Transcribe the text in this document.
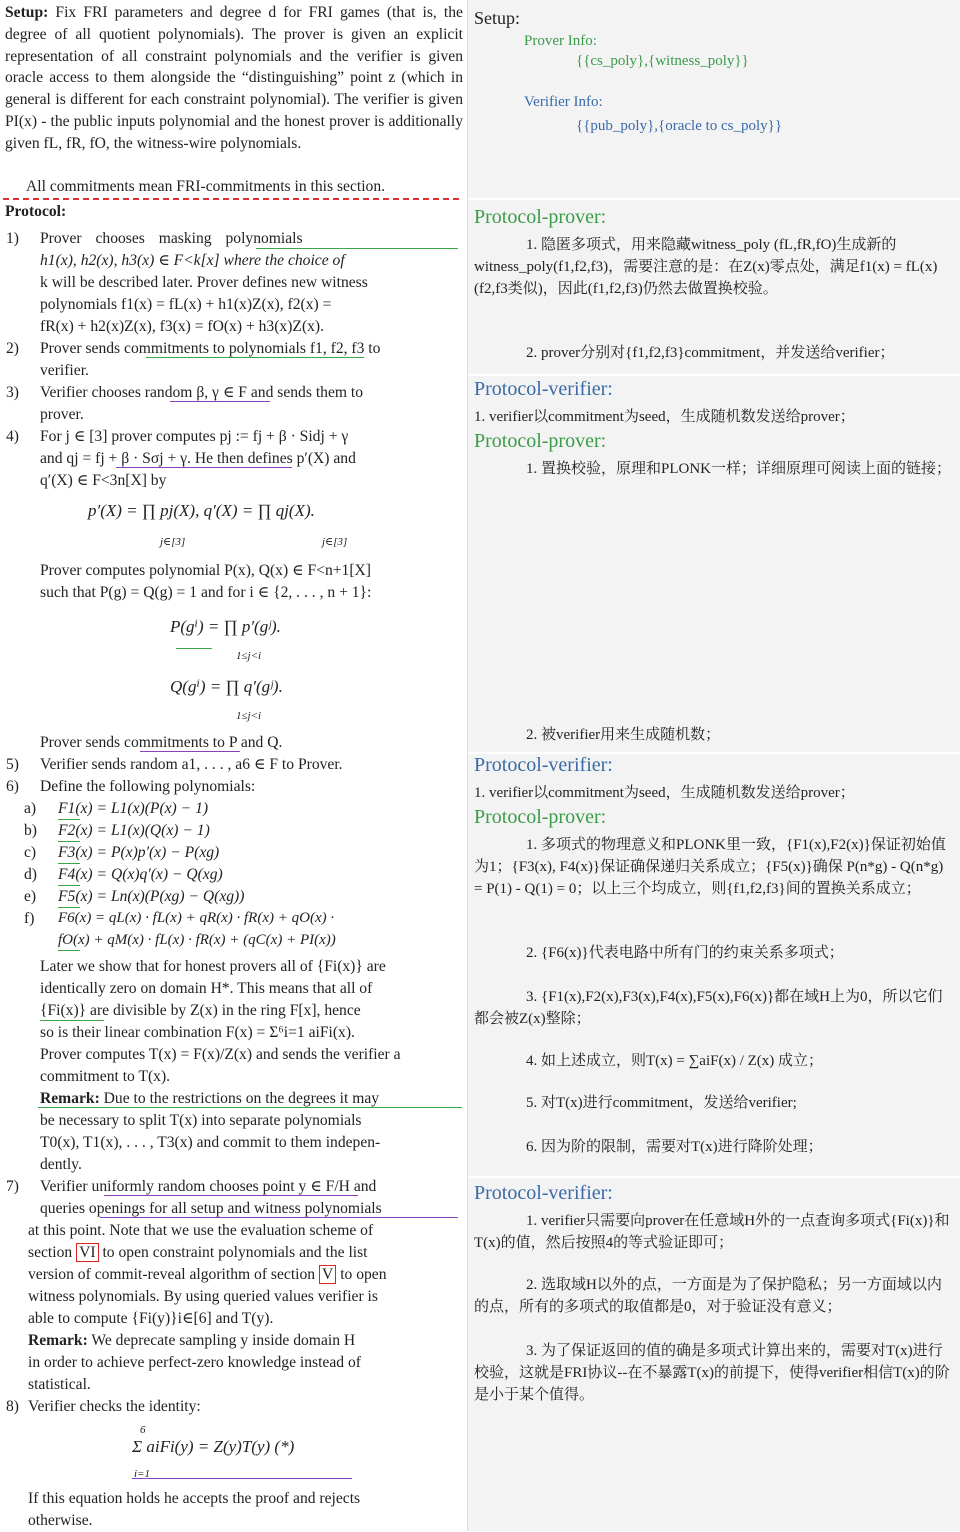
Setup: Fix FRI parameters and degree d for FRI games (that is, the degree of all quotient polynomials). The prover is given an explicit representation of all constraint polynomials and the verifier is given oracle access to them alongside the “distinguishing” point z (which in general is different for each constraint polynomial). The verifier is given PI(x) - the public inputs polynomial and the honest prover is additionally given fL, fR, fO, the witness-wire polynomials.

All commitments mean FRI-commitments in this section.
Protocol:
1)	Prover chooses masking polynomials
h1(x), h2(x), h3(x) ∈ F<k[x] where the choice of
k will be described later. Prover defines new witness
polynomials f1(x) = fL(x) + h1(x)Z(x), f2(x) =
fR(x) + h2(x)Z(x), f3(x) = fO(x) + h3(x)Z(x).
2)	Prover sends commitments to polynomials f1, f2, f3 to
verifier.
3)	Verifier chooses random β, γ ∈ F and sends them to
prover.
4)	For j ∈ [3] prover computes pj := fj + β · Sidj + γ
and qj = fj + β · Sσj + γ. He then defines p′(X) and
q′(X) ∈ F<3n[X] by
p′(X) = ∏ pj(X), q′(X) = ∏ qj(X).
j∈[3]	j∈[3]
Prover computes polynomial P(x), Q(x) ∈ F<n+1[X]
such that P(g) = Q(g) = 1 and for i ∈ {2, . . . , n + 1}:
P(gⁱ) = ∏ p′(gʲ).
1≤j<i
Q(gⁱ) = ∏ q′(gʲ).
1≤j<i
Prover sends commitments to P and Q.
5)	Verifier sends random a1, . . . , a6 ∈ F to Prover.
6)	Define the following polynomials:
a) F1(x) = L1(x)(P(x) − 1)
b) F2(x) = L1(x)(Q(x) − 1)
c) F3(x) = P(x)p′(x) − P(xg)
d) F4(x) = Q(x)q′(x) − Q(xg)
e) F5(x) = Ln(x)(P(xg) − Q(xg))
f) F6(x) = qL(x) · fL(x) + qR(x) · fR(x) + qO(x) ·
fO(x) + qM(x) · fL(x) · fR(x) + (qC(x) + PI(x))
Later we show that for honest provers all of {Fi(x)} are
identically zero on domain H*. This means that all of
{Fi(x)} are divisible by Z(x) in the ring F[x], hence
so is their linear combination F(x) = Σ⁶i=1 aiFi(x).
Prover computes T(x) = F(x)/Z(x) and sends the verifier a
commitment to T(x).
Remark: Due to the restrictions on the degrees it may
be necessary to split T(x) into separate polynomials
T0(x), T1(x), . . . , T3(x) and commit to them indepen-
dently.
7)	Verifier uniformly random chooses point y ∈ F/H and
queries openings for all setup and witness polynomials
at this point. Note that we use the evaluation scheme of
section VI to open constraint polynomials and the list
version of commit-reveal algorithm of section V to open
witness polynomials. By using queried values verifier is
able to compute {Fi(y)}i∈[6] and T(y).
Remark: We deprecate sampling y inside domain H
in order to achieve perfect-zero knowledge instead of
statistical.
8) Verifier checks the identity:
6
Σ aiFi(y) = Z(y)T(y) (*)
i=1
If this equation holds he accepts the proof and rejects
otherwise.
Setup:
Prover Info:
{{cs_poly},{witness_poly}}
Verifier Info:
{{pub_poly},{oracle to cs_poly}}
Protocol-prover:

1. 隐匿多项式，用来隐藏witness_poly (fL,fR,fO)生成新的witness_poly(f1,f2,f3)，需要注意的是：在Z(x)零点处，满足f1(x) = fL(x)(f2,f3类似)，因此(f1,f2,f3)仍然去做置换校验。

2. prover分别对{f1,f2,f3}commitment，并发送给verifier；

Protocol-verifier:

1. verifier以commitment为seed，生成随机数发送给prover；

Protocol-prover:

1. 置换校验，原理和PLONK一样；详细原理可阅读上面的链接；

2. 被verifier用来生成随机数；

Protocol-verifier:

1. verifier以commitment为seed，生成随机数发送给prover；

Protocol-prover:

1. 多项式的物理意义和PLONK里一致，{F1(x),F2(x)}保证初始值为1；{F3(x), F4(x)}保证确保递归关系成立；{F5(x)}确保 P(n*g) - Q(n*g) = P(1) - Q(1) = 0；以上三个均成立，则{f1,f2,f3}间的置换关系成立；

2. {F6(x)}代表电路中所有门的约束关系多项式；

3. {F1(x),F2(x),F3(x),F4(x),F5(x),F6(x)}都在域H上为0，所以它们都会被Z(x)整除；

4. 如上述成立，则T(x) = ∑aiF(x) / Z(x) 成立；

5. 对T(x)进行commitment，发送给verifier;

6. 因为阶的限制，需要对T(x)进行降阶处理；

Protocol-verifier:

1. verifier只需要向prover在任意域H外的一点查询多项式{Fi(x)}和T(x)的值，然后按照4的等式验证即可；

2. 选取域H以外的点，一方面是为了保护隐私；另一方面域以内的点，所有的多项式的取值都是0，对于验证没有意义；

3. 为了保证返回的值的确是多项式计算出来的，需要对T(x)进行校验，这就是FRI协议--在不暴露T(x)的前提下，使得verifier相信T(x)的阶是小于某个值得。
